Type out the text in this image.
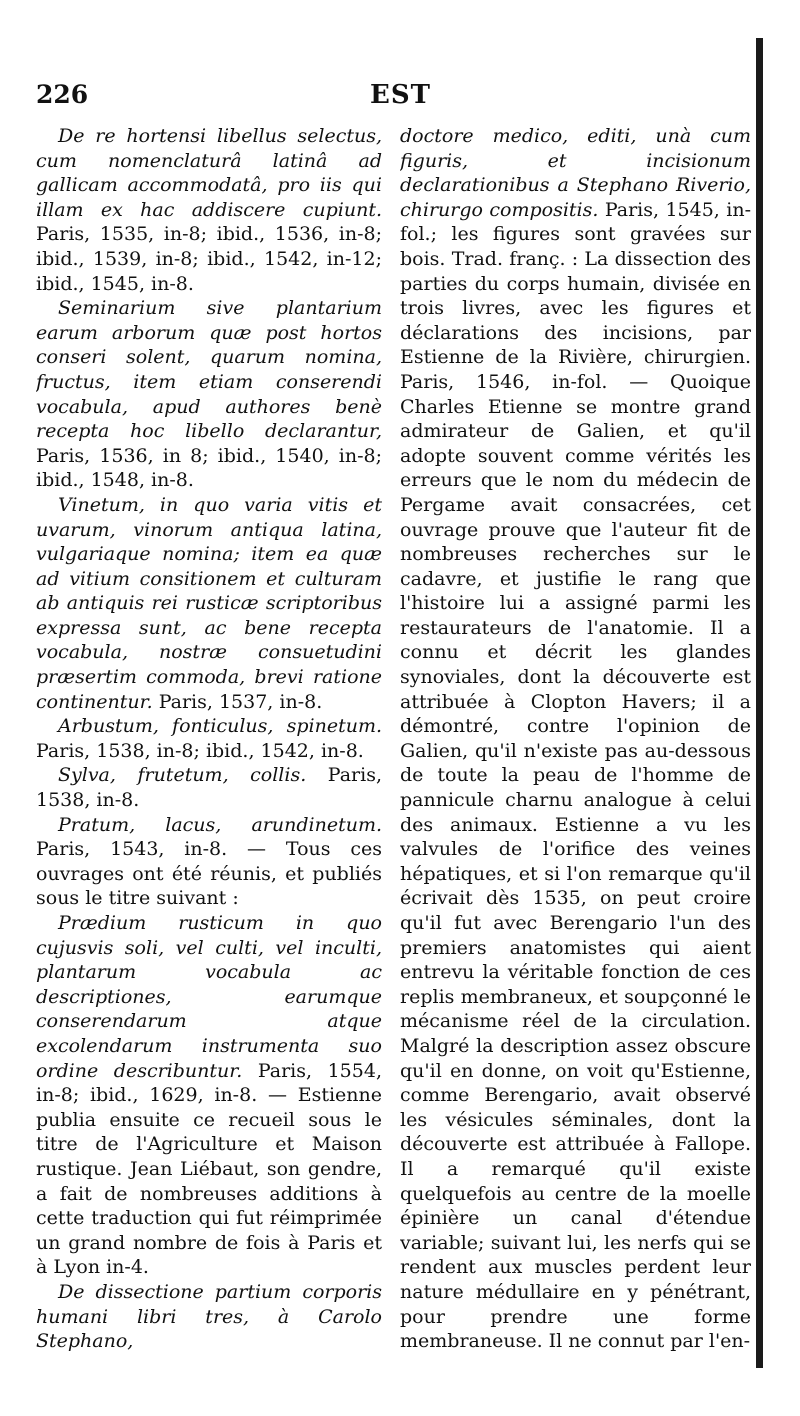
226	EST

De re hortensi libellus selectus, cum nomenclaturâ latinâ ad gallicam accommodatâ, pro iis qui illam ex hac addiscere cupiunt. Paris, 1535, in-8; ibid., 1536, in-8; ibid., 1539, in-8; ibid., 1542, in-12; ibid., 1545, in-8.

Seminarium sive plantarium earum arborum quæ post hortos conseri solent, quarum nomina, fructus, item etiam conserendi vocabula, apud authores benè recepta hoc libello declarantur, Paris, 1536, in 8; ibid., 1540, in-8; ibid., 1548, in-8.

Vinetum, in quo varia vitis et uvarum, vinorum antiqua latina, vulgariaque nomina; item ea quæ ad vitium consitionem et culturam ab antiquis rei rusticæ scriptoribus expressa sunt, ac bene recepta vocabula, nostræ consuetudini præsertim commoda, brevi ratione continentur. Paris, 1537, in-8.

Arbustum, fonticulus, spinetum. Paris, 1538, in-8; ibid., 1542, in-8.

Sylva, frutetum, collis. Paris, 1538, in-8.

Pratum, lacus, arundinetum. Paris, 1543, in-8. — Tous ces ouvrages ont été réunis, et publiés sous le titre suivant :

Prædium rusticum in quo cujusvis soli, vel culti, vel inculti, plantarum vocabula ac descriptiones, earumque conserendarum atque excolendarum instrumenta suo ordine describuntur. Paris, 1554, in-8; ibid., 1629, in-8. — Estienne publia ensuite ce recueil sous le titre de l'Agriculture et Maison rustique. Jean Liébaut, son gendre, a fait de nombreuses additions à cette traduction qui fut réimprimée un grand nombre de fois à Paris et à Lyon in-4.

De dissectione partium corporis humani libri tres, à Carolo Stephano,

doctore medico, editi, unà cum figuris, et incisionum declarationibus a Stephano Riverio, chirurgo compositis. Paris, 1545, in-fol.; les figures sont gravées sur bois. Trad. franç. : La dissection des parties du corps humain, divisée en trois livres, avec les figures et déclarations des incisions, par Estienne de la Rivière, chirurgien. Paris, 1546, in-fol. — Quoique Charles Etienne se montre grand admirateur de Galien, et qu'il adopte souvent comme vérités les erreurs que le nom du médecin de Pergame avait consacrées, cet ouvrage prouve que l'auteur fit de nombreuses recherches sur le cadavre, et justifie le rang que l'histoire lui a assigné parmi les restaurateurs de l'anatomie. Il a connu et décrit les glandes synoviales, dont la découverte est attribuée à Clopton Havers; il a démontré, contre l'opinion de Galien, qu'il n'existe pas au-dessous de toute la peau de l'homme de pannicule charnu analogue à celui des animaux. Estienne a vu les valvules de l'orifice des veines hépatiques, et si l'on remarque qu'il écrivait dès 1535, on peut croire qu'il fut avec Berengario l'un des premiers anatomistes qui aient entrevu la véritable fonction de ces replis membraneux, et soupçonné le mécanisme réel de la circulation. Malgré la description assez obscure qu'il en donne, on voit qu'Estienne, comme Berengario, avait observé les vésicules séminales, dont la découverte est attribuée à Fallope. Il a remarqué qu'il existe quelquefois au centre de la moelle épinière un canal d'étendue variable; suivant lui, les nerfs qui se rendent aux muscles perdent leur nature médullaire en y pénétrant, pour prendre une forme membraneuse. Il ne connut par l'en-
